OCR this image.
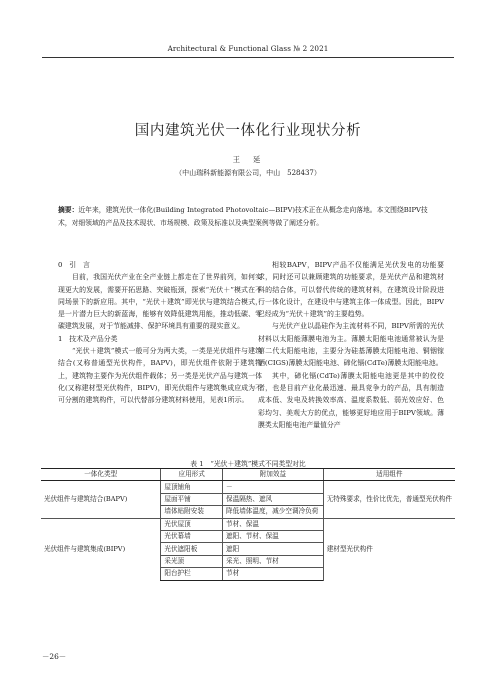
Architectural & Functional Glass № 2 2021
国内建筑光伏一体化行业现状分析
王　延
（中山瑞科新能源有限公司，中山　528437）
摘要：近年来，建筑光伏一体化(Building Integrated Photovoltaic—BIPV)技术正在从概念走向落地。本文围绕BIPV技术，对细领域的产品及技术现状、市场规模、政策及标准以及典型案例等做了阐述分析。

0　引　言

目前，我国光伏产业在全产业链上都走在了世界前列，如何实现更大的发展，需要开拓思路、突破瓶颈，探索“光伏＋”模式在不同场景下的新应用。其中，“光伏＋建筑”即光伏与建筑结合模式，是一片潜力巨大的新蓝海，能够有效降低建筑用能，推动低碳、零碳建筑发展，对于节能减排、保护环境具有重要的现实意义。

1　技术及产品分类

“光伏＋建筑”模式一般可分为两大类，一类是光伏组件与建筑结合(又称普通型光伏构件，BAPV)，即光伏组件依附于建筑物上，建筑物主要作为光伏组件载体；另一类是光伏产品与建筑一体化(又称建材型光伏构件，BIPV)，即光伏组件与建筑集成应成为不可分割的建筑构件，可以代替部分建筑材料使用，见表1所示。

相较BAPV，BIPV产品不仅能满足光伏发电的功能要求，同时还可以兼顾建筑的功能要求，是光伏产品和建筑材料的结合体，可以替代传统的建筑材料，在建筑设计阶段进行一体化设计，在建设中与建筑主体一体成型。因此，BIPV已经成为“光伏＋建筑”的主要趋势。

与光伏产业以晶硅作为主流材料不同，BIPV所需的光伏材料以太阳能薄膜电池为主。薄膜太阳能电池通常被认为是第二代太阳能电池，主要分为硅基薄膜太阳能电池、铜铟镓硒(CIGS)薄膜太阳能电池、碲化镉(CdTe)薄膜太阳能电池。

其中，碲化镉(CdTe)薄膜太阳能电池更是其中的佼佼者，也是目前产业化最迅速、最具竞争力的产品，具有制造成本低、发电及转换效率高、温度系数低、弱光效应好、色彩均匀、美观大方的优点，能够更好地应用于BIPV领域。薄膜类太阳能电池产量值分产

表 1　“光伏＋建筑”模式不同类型对比
一体化类型	应用形式	附加效益	适用组件
光伏组件与建筑结合(BAPV)	屋顶铺角	－	无特殊要求，性价比优先，普通型光伏构件
	屋面平铺	保温隔热、遮风	
	墙体贴附安装	降低墙体温度，减少空调冷负荷	
光伏组件与建筑集成(BIPV)	光伏屋顶	节材、保温	建材型光伏构件
	光伏幕墙	遮阳、节材、保温	
	光伏遮阳板	遮阳	
	采光顶	采光、照明、节材	
	阳台护栏	节材	
－26－
